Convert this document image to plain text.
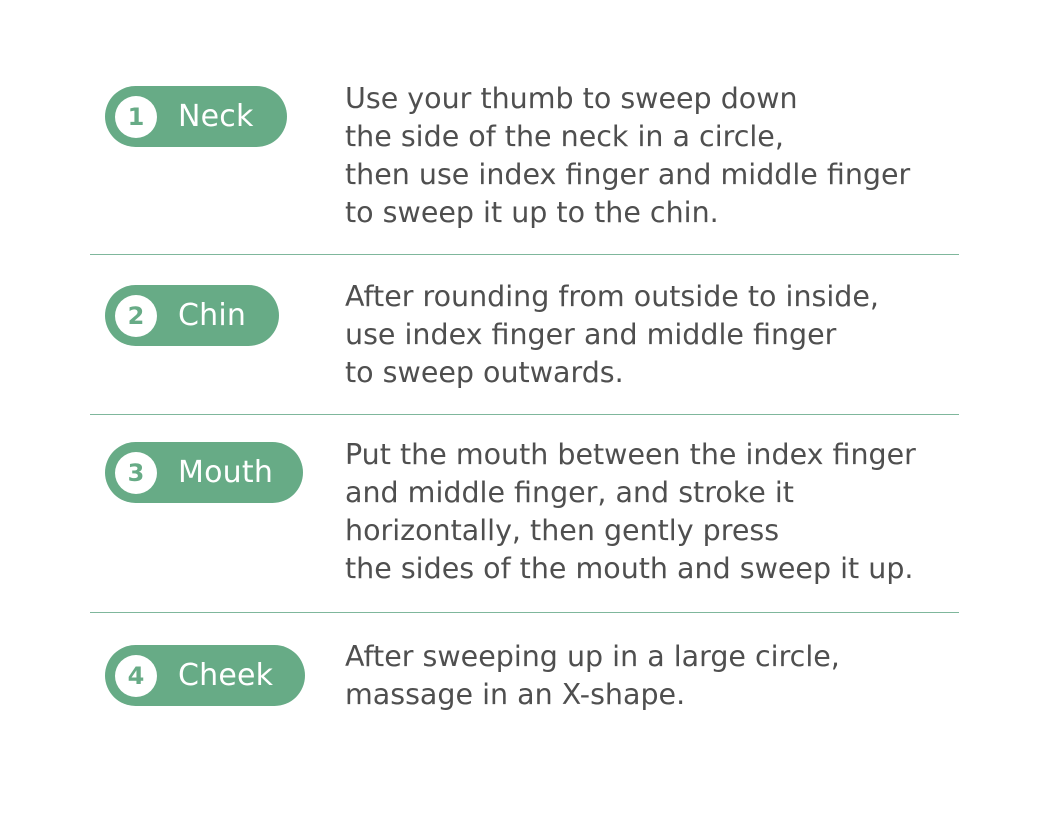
1	Neck

Use your thumb to sweep down
the side of the neck in a circle,
then use index finger and middle finger
to sweep it up to the chin.

2	Chin

After rounding from outside to inside,
use index finger and middle finger
to sweep outwards.

3	Mouth

Put the mouth between the index finger
and middle finger, and stroke it
horizontally, then gently press
the sides of the mouth and sweep it up.

4	Cheek

After sweeping up in a large circle,
massage in an X-shape.
